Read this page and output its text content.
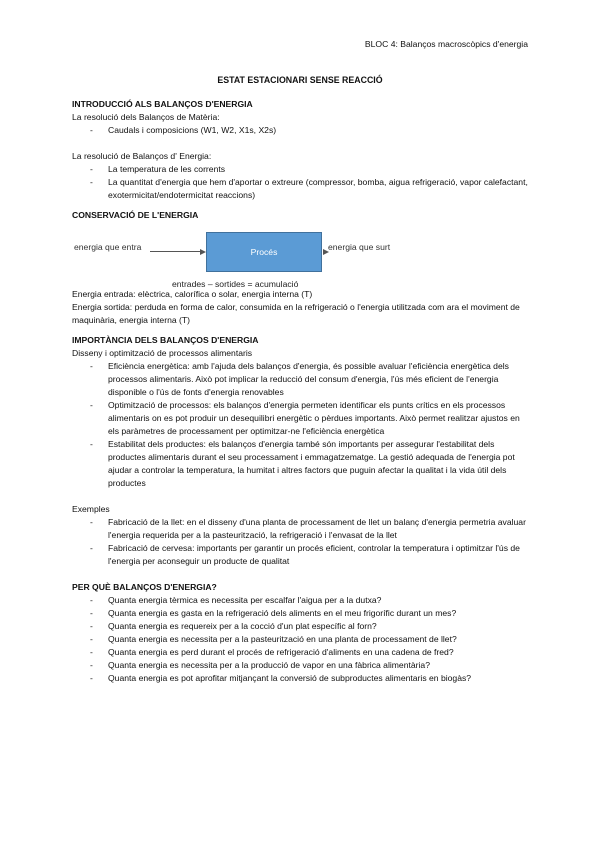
BLOC 4: Balanços macroscòpics d'energia
ESTAT ESTACIONARI SENSE REACCIÓ

INTRODUCCIÓ ALS BALANÇOS D'ENERGIA

La resolució dels Balanços de Matèria:

- Caudals i composicions (W1, W2, X1s, X2s)

La resolució de Balanços d' Energia:

- La temperatura de les corrents
- La quantitat d'energia que hem d'aportar o extreure (compressor, bomba, aigua refrigeració, vapor calefactant, exotermicitat/endotermicitat reaccions)

CONSERVACIÓ DE L'ENERGIA

energia que entra	Procés	energia que surt
entrades – sortides = acumulació

Energia entrada: elèctrica, calorífica o solar, energia interna (T)

Energia sortida: perduda en forma de calor, consumida en la refrigeració o l'energia utilitzada com ara el moviment de maquinària, energia interna (T)

IMPORTÀNCIA DELS BALANÇOS D'ENERGIA

Disseny i optimització de processos alimentaris

- Eficiència energètica: amb l'ajuda dels balanços d'energia, és possible avaluar l'eficiència energètica dels processos alimentaris. Això pot implicar la reducció del consum d'energia, l'ús més eficient de l'energia disponible o l'ús de fonts d'energia renovables
- Optimització de processos: els balanços d'energia permeten identificar els punts crítics en els processos alimentaris on es pot produir un desequilibri energètic o pèrdues importants. Això permet realitzar ajustos en els paràmetres de processament per optimitzar-ne l'eficiència energètica
- Estabilitat dels productes: els balanços d'energia també són importants per assegurar l'estabilitat dels productes alimentaris durant el seu processament i emmagatzematge. La gestió adequada de l'energia pot ajudar a controlar la temperatura, la humitat i altres factors que puguin afectar la qualitat i la vida útil dels productes

Exemples

- Fabricació de la llet: en el disseny d'una planta de processament de llet un balanç d'energia permetria avaluar l'energia requerida per a la pasteurització, la refrigeració i l'envasat de la llet
- Fabricació de cervesa: importants per garantir un procés eficient, controlar la temperatura i optimitzar l'ús de l'energia per aconseguir un producte de qualitat

PER QUÈ BALANÇOS D'ENERGIA?

- Quanta energia tèrmica es necessita per escalfar l'aigua per a la dutxa?
- Quanta energia es gasta en la refrigeració dels aliments en el meu frigorífic durant un mes?
- Quanta energia es requereix per a la cocció d'un plat específic al forn?
- Quanta energia es necessita per a la pasteurització en una planta de processament de llet?
- Quanta energia es perd durant el procés de refrigeració d'aliments en una cadena de fred?
- Quanta energia es necessita per a la producció de vapor en una fàbrica alimentària?
- Quanta energia es pot aprofitar mitjançant la conversió de subproductes alimentaris en biogàs?
